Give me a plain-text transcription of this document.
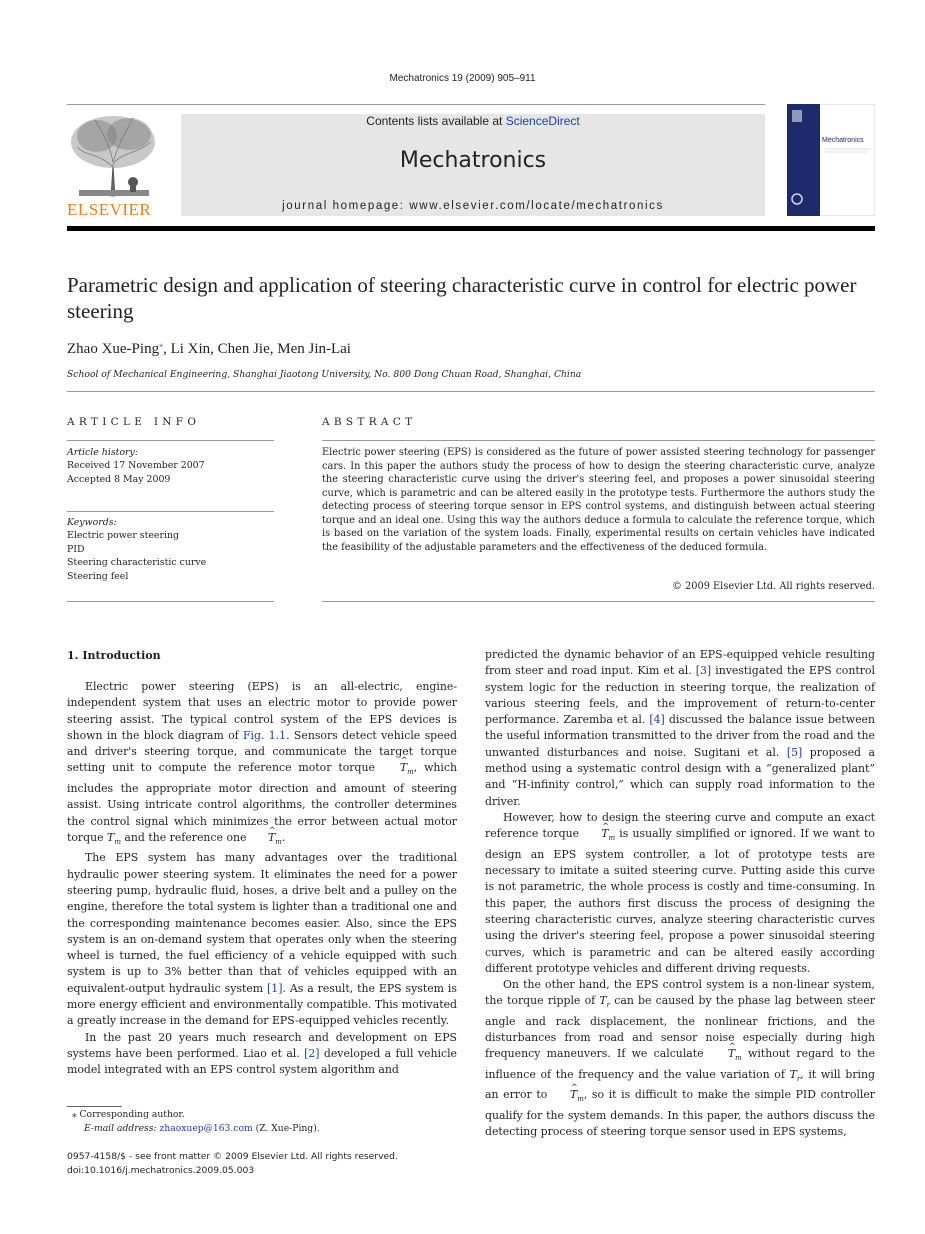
Mechatronics 19 (2009) 905–911
ELSEVIER
Contents lists available at ScienceDirect
Mechatronics
journal homepage: www.elsevier.com/locate/mechatronics
Mechatronics
Parametric design and application of steering characteristic curve in control for electric power steering
Zhao Xue-Ping⁎, Li Xin, Chen Jie, Men Jin-Lai
School of Mechanical Engineering, Shanghai Jiaotong University, No. 800 Dong Chuan Road, Shanghai, China
ARTICLE INFO	ABSTRACT
Article history:
Received 17 November 2007
Accepted 8 May 2009
Keywords:
Electric power steering
PID
Steering characteristic curve
Steering feel
Electric power steering (EPS) is considered as the future of power assisted steering technology for passenger cars. In this paper the authors study the process of how to design the steering characteristic curve, analyze the steering characteristic curve using the driver's steering feel, and proposes a power sinusoidal steering curve, which is parametric and can be altered easily in the prototype tests. Furthermore the authors study the detecting process of steering torque sensor in EPS control systems, and distinguish between actual steering torque and an ideal one. Using this way the authors deduce a formula to calculate the reference torque, which is based on the variation of the system loads. Finally, experimental results on certain vehicles have indicated the feasibility of the adjustable parameters and the effectiveness of the deduced formula.
© 2009 Elsevier Ltd. All rights reserved.
1. Introduction

Electric power steering (EPS) is an all-electric, engine-independent system that uses an electric motor to provide power steering assist. The typical control system of the EPS devices is shown in the block diagram of Fig. 1.1. Sensors detect vehicle speed and driver's steering torque, and communicate the target torque setting unit to compute the reference motor torque ^ $T_m$, which includes the appropriate motor direction and amount of steering assist. Using intricate control algorithms, the controller determines the control signal which minimizes the error between actual motor torque $T_m$ and the reference one ^ $T_m$.

The EPS system has many advantages over the traditional hydraulic power steering system. It eliminates the need for a power steering pump, hydraulic fluid, hoses, a drive belt and a pulley on the engine, therefore the total system is lighter than a traditional one and the corresponding maintenance becomes easier. Also, since the EPS system is an on-demand system that operates only when the steering wheel is turned, the fuel efficiency of a vehicle equipped with such system is up to 3% better than that of vehicles equipped with an equivalent-output hydraulic system [1]. As a result, the EPS system is more energy efficient and environmentally compatible. This motivated a greatly increase in the demand for EPS-equipped vehicles recently.

In the past 20 years much research and development on EPS systems have been performed. Liao et al. [2] developed a full vehicle model integrated with an EPS control system algorithm and

predicted the dynamic behavior of an EPS-equipped vehicle resulting from steer and road input. Kim et al. [3] investigated the EPS control system logic for the reduction in steering torque, the realization of various steering feels, and the improvement of return-to-center performance. Zaremba et al. [4] discussed the balance issue between the useful information transmitted to the driver from the road and the unwanted disturbances and noise. Sugitani et al. [5] proposed a method using a systematic control design with a “generalized plant” and “H-infinity control,” which can supply road information to the driver.

However, how to design the steering curve and compute an exact reference torque ^ $T_m$ is usually simplified or ignored. If we want to design an EPS system controller, a lot of prototype tests are necessary to imitate a suited steering curve. Putting aside this curve is not parametric, the whole process is costly and time-consuming. In this paper, the authors first discuss the process of designing the steering characteristic curves, analyze steering characteristic curves using the driver's steering feel, propose a power sinusoidal steering curves, which is parametric and can be altered easily according different prototype vehicles and different driving requests.

On the other hand, the EPS control system is a non-linear system, the torque ripple of $T_r$ can be caused by the phase lag between steer angle and rack displacement, the nonlinear frictions, and the disturbances from road and sensor noise especially during high frequency maneuvers. If we calculate ^ $T_m$ without regard to the influence of the frequency and the value variation of $T_r$, it will bring an error to ^ $T_m$, so it is difficult to make the simple PID controller qualify for the system demands. In this paper, the authors discuss the detecting process of steering torque sensor used in EPS systems,

⁎ Corresponding author.
E-mail address: zhaoxuep@163.com (Z. Xue-Ping).
0957-4158/$ - see front matter © 2009 Elsevier Ltd. All rights reserved.
doi:10.1016/j.mechatronics.2009.05.003
